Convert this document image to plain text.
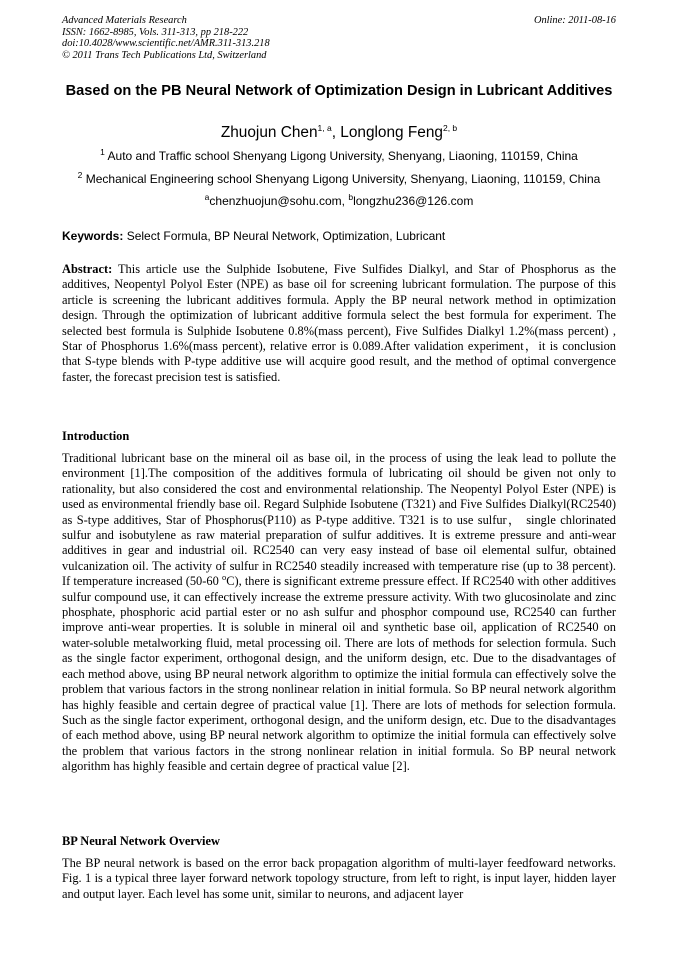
Advanced Materials Research
ISSN: 1662-8985, Vols. 311-313, pp 218-222
doi:10.4028/www.scientific.net/AMR.311-313.218
© 2011 Trans Tech Publications Ltd, Switzerland
Online: 2011-08-16
Based on the PB Neural Network of Optimization Design in Lubricant Additives
Zhuojun Chen$^{1, a}$, Longlong Feng$^{2, b}$
$^1$ Auto and Traffic school Shenyang Ligong University, Shenyang, Liaoning, 110159, China
$^2$ Mechanical Engineering school Shenyang Ligong University, Shenyang, Liaoning, 110159, China
$^a$chenzhuojun@sohu.com, $^b$longzhu236@126.com
Keywords: Select Formula, BP Neural Network, Optimization, Lubricant
Abstract: This article use the Sulphide Isobutene, Five Sulfides Dialkyl, and Star of Phosphorus as the additives, Neopentyl Polyol Ester (NPE) as base oil for screening lubricant formulation. The purpose of this article is screening the lubricant additives formula. Apply the BP neural network method in optimization design. Through the optimization of lubricant additive formula select the best formula for experiment. The selected best formula is Sulphide Isobutene 0.8%(mass percent), Five Sulfides Dialkyl 1.2%(mass percent) , Star of Phosphorus 1.6%(mass percent), relative error is 0.089.After validation experiment，it is conclusion that S-type blends with P-type additive use will acquire good result, and the method of optimal convergence faster, the forecast precision test is satisfied.
Introduction
Traditional lubricant base on the mineral oil as base oil, in the process of using the leak lead to pollute the environment [1].The composition of the additives formula of lubricating oil should be given not only to rationality, but also considered the cost and environmental relationship. The Neopentyl Polyol Ester (NPE) is used as environmental friendly base oil. Regard Sulphide Isobutene (T321) and Five Sulfides Dialkyl(RC2540) as S-type additives, Star of Phosphorus(P110) as P-type additive. T321 is to use sulfur， single chlorinated sulfur and isobutylene as raw material preparation of sulfur additives. It is extreme pressure and anti-wear additives in gear and industrial oil. RC2540 can very easy instead of base oil elemental sulfur, obtained vulcanization oil. The activity of sulfur in RC2540 steadily increased with temperature rise (up to 38 percent). If temperature increased (50-60 $^o$C), there is significant extreme pressure effect. If RC2540 with other additives sulfur compound use, it can effectively increase the extreme pressure activity. With two glucosinolate and zinc phosphate, phosphoric acid partial ester or no ash sulfur and phosphor compound use, RC2540 can further improve anti-wear properties. It is soluble in mineral oil and synthetic base oil, application of RC2540 on water-soluble metalworking fluid, metal processing oil. There are lots of methods for selection formula. Such as the single factor experiment, orthogonal design, and the uniform design, etc. Due to the disadvantages of each method above, using BP neural network algorithm to optimize the initial formula can effectively solve the problem that various factors in the strong nonlinear relation in initial formula. So BP neural network algorithm has highly feasible and certain degree of practical value [1]. There are lots of methods for selection formula. Such as the single factor experiment, orthogonal design, and the uniform design, etc. Due to the disadvantages of each method above, using BP neural network algorithm to optimize the initial formula can effectively solve the problem that various factors in the strong nonlinear relation in initial formula. So BP neural network algorithm has highly feasible and certain degree of practical value [2].
BP Neural Network Overview
The BP neural network is based on the error back propagation algorithm of multi-layer feedfoward networks. Fig. 1 is a typical three layer forward network topology structure, from left to right, is input layer, hidden layer and output layer. Each level has some unit, similar to neurons, and adjacent layer
